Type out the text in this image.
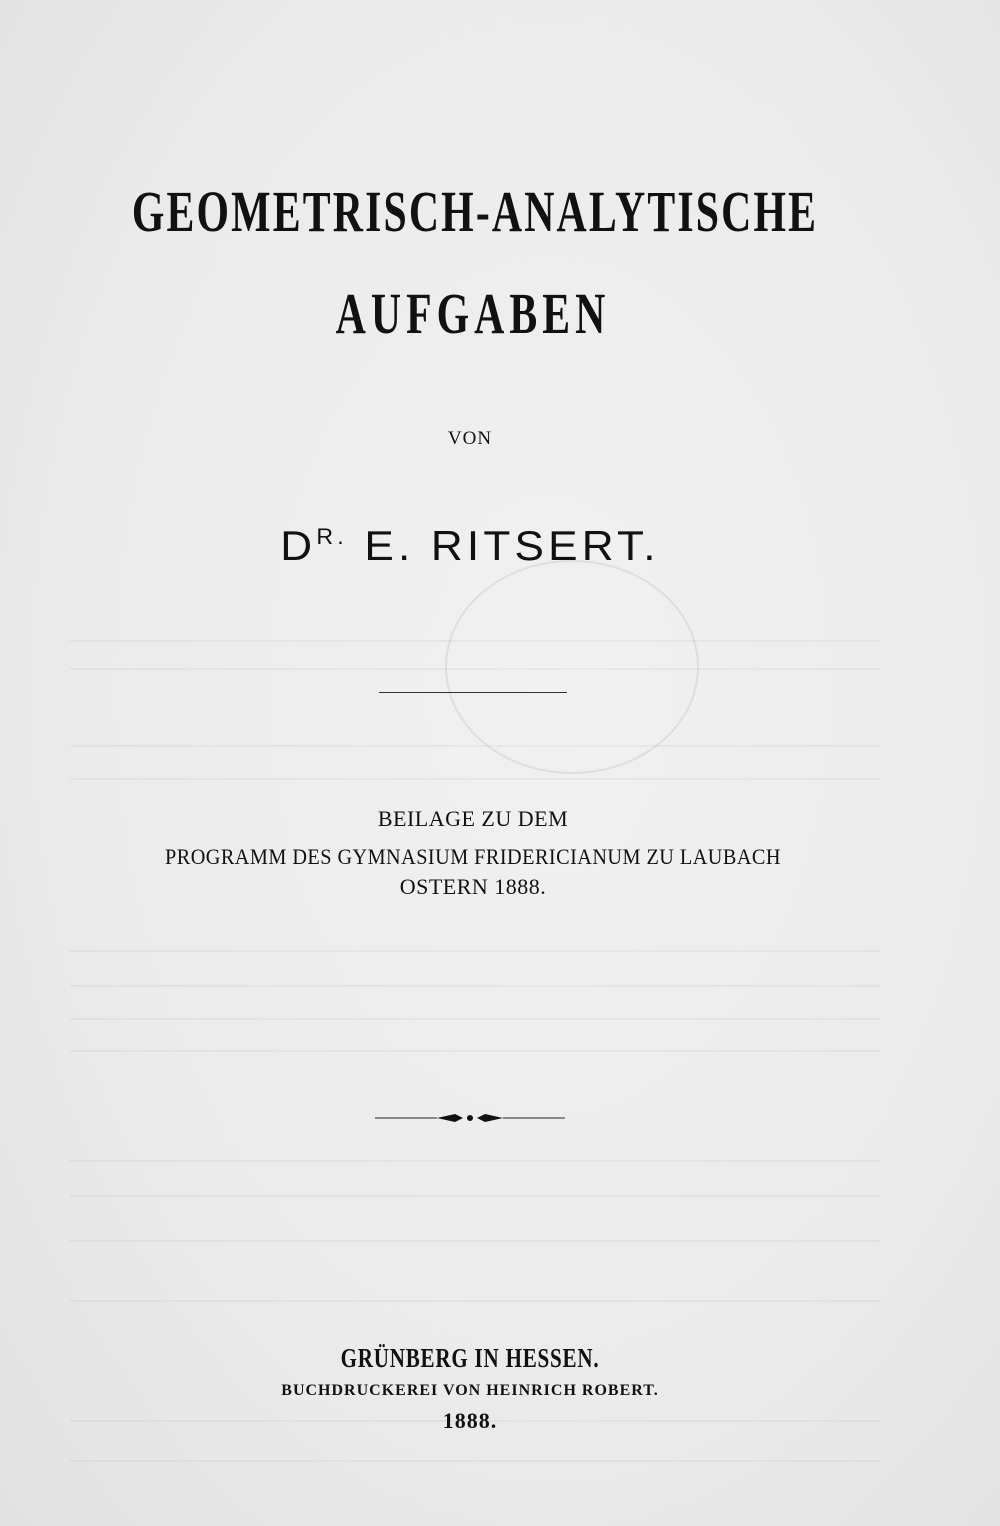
GEOMETRISCH-ANALYTISCHE
AUFGABEN
VON
$D^{R.}$ E. RITSERT.
BEILAGE ZU DEM
PROGRAMM DES GYMNASIUM FRIDERICIANUM ZU LAUBACH
OSTERN 1888.
GRÜNBERG IN HESSEN.
BUCHDRUCKEREI VON HEINRICH ROBERT.
1888.
